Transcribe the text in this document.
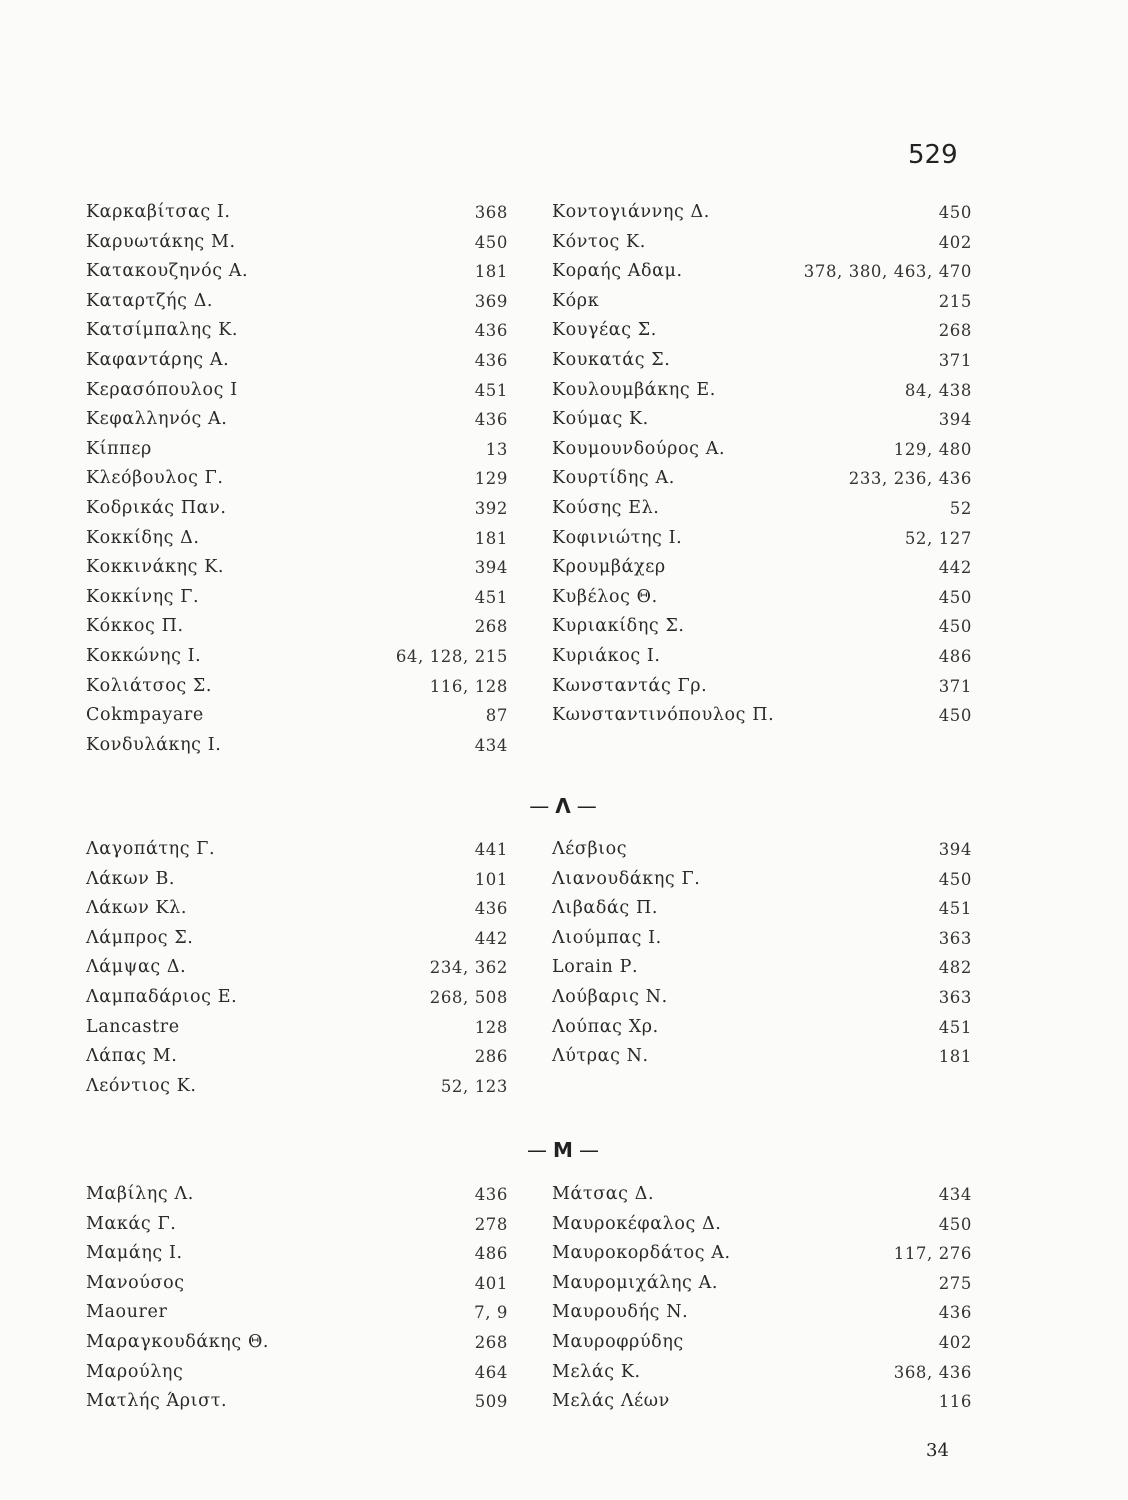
529
Καρκαβίτσας Ι.	368
Καρυωτάκης Μ.	450
Κατακουζηνός Α.	181
Καταρτζής Δ.	369
Κατσίμπαλης Κ.	436
Καφαντάρης Α.	436
Κερασόπουλος Ι	451
Κεφαλληνός Α.	436
Κίππερ	13
Κλεόβουλος Γ.	129
Κοδρικάς Παν.	392
Κοκκίδης Δ.	181
Κοκκινάκης Κ.	394
Κοκκίνης Γ.	451
Κόκκος Π.	268
Κοκκώνης Ι.	64, 128, 215
Κολιάτσος Σ.	116, 128
Cokmpayare	87
Κονδυλάκης Ι.	434
Κοντογιάννης Δ.	450
Κόντος Κ.	402
Κοραής Αδαμ.	378, 380, 463, 470
Κόρκ	215
Κουγέας Σ.	268
Κουκατάς Σ.	371
Κουλουμβάκης Ε.	84, 438
Κούμας Κ.	394
Κουμουνδούρος Α.	129, 480
Κουρτίδης Α.	233, 236, 436
Κούσης Ελ.	52
Κοφινιώτης Ι.	52, 127
Κρουμβάχερ	442
Κυβέλος Θ.	450
Κυριακίδης Σ.	450
Κυριάκος Ι.	486
Κωνσταντάς Γρ.	371
Κωνσταντινόπουλος Π.	450
— Λ —
Λαγοπάτης Γ.	441
Λάκων Β.	101
Λάκων Κλ.	436
Λάμπρος Σ.	442
Λάμψας Δ.	234, 362
Λαμπαδάριος Ε.	268, 508
Lancastre	128
Λάπας Μ.	286
Λεόντιος Κ.	52, 123
Λέσβιος	394
Λιανουδάκης Γ.	450
Λιβαδάς Π.	451
Λιούμπας Ι.	363
Lorain Ρ.	482
Λούβαρις Ν.	363
Λούπας Χρ.	451
Λύτρας Ν.	181
— Μ —
Μαβίλης Λ.	436
Μακάς Γ.	278
Μαμάης Ι.	486
Μανούσος	401
Maourer	7, 9
Μαραγκουδάκης Θ.	268
Μαρούλης	464
Ματλής Άριστ.	509
Μάτσας Δ.	434
Μαυροκέφαλος Δ.	450
Μαυροκορδάτος Α.	117, 276
Μαυρομιχάλης Α.	275
Μαυρουδής Ν.	436
Μαυροφρύδης	402
Μελάς Κ.	368, 436
Μελάς Λέων	116
34
